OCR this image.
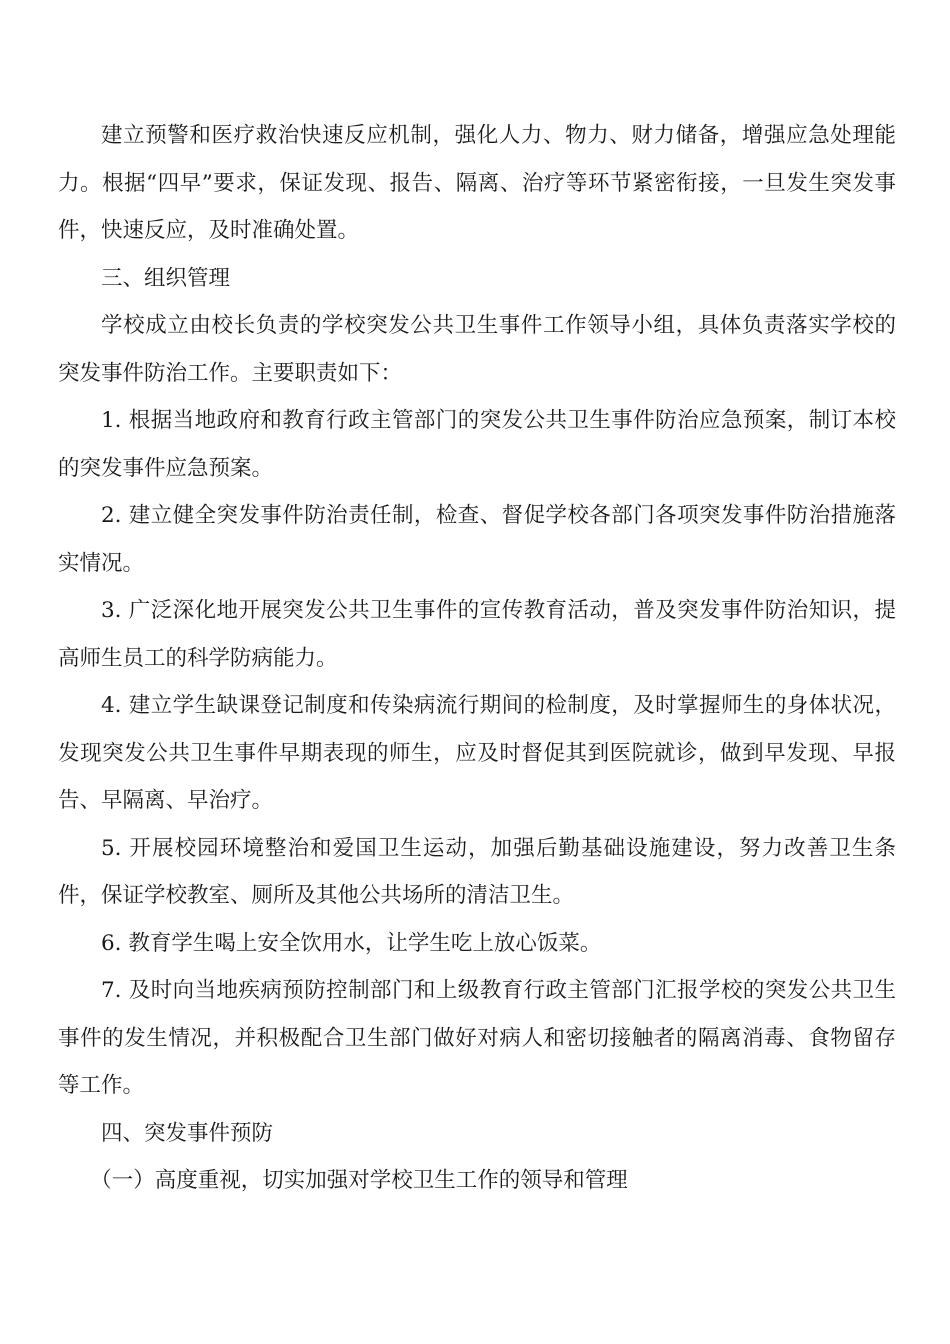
建立预警和医疗救治快速反应机制，强化人力、物力、财力储备，增强应急处理能力。根据“四早”要求，保证发现、报告、隔离、治疗等环节紧密衔接，一旦发生突发事件，快速反应，及时准确处置。

三、组织管理

学校成立由校长负责的学校突发公共卫生事件工作领导小组，具体负责落实学校的突发事件防治工作。主要职责如下：

1. 根据当地政府和教育行政主管部门的突发公共卫生事件防治应急预案，制订本校的突发事件应急预案。

2. 建立健全突发事件防治责任制，检查、督促学校各部门各项突发事件防治措施落实情况。

3. 广泛深化地开展突发公共卫生事件的宣传教育活动，普及突发事件防治知识，提高师生员工的科学防病能力。

4. 建立学生缺课登记制度和传染病流行期间的检制度，及时掌握师生的身体状况，发现突发公共卫生事件早期表现的师生，应及时督促其到医院就诊，做到早发现、早报告、早隔离、早治疗。

5. 开展校园环境整治和爱国卫生运动，加强后勤基础设施建设，努力改善卫生条件，保证学校教室、厕所及其他公共场所的清洁卫生。

6. 教育学生喝上安全饮用水，让学生吃上放心饭菜。

7. 及时向当地疾病预防控制部门和上级教育行政主管部门汇报学校的突发公共卫生事件的发生情况，并积极配合卫生部门做好对病人和密切接触者的隔离消毒、食物留存等工作。

四、突发事件预防

（一）高度重视，切实加强对学校卫生工作的领导和管理
